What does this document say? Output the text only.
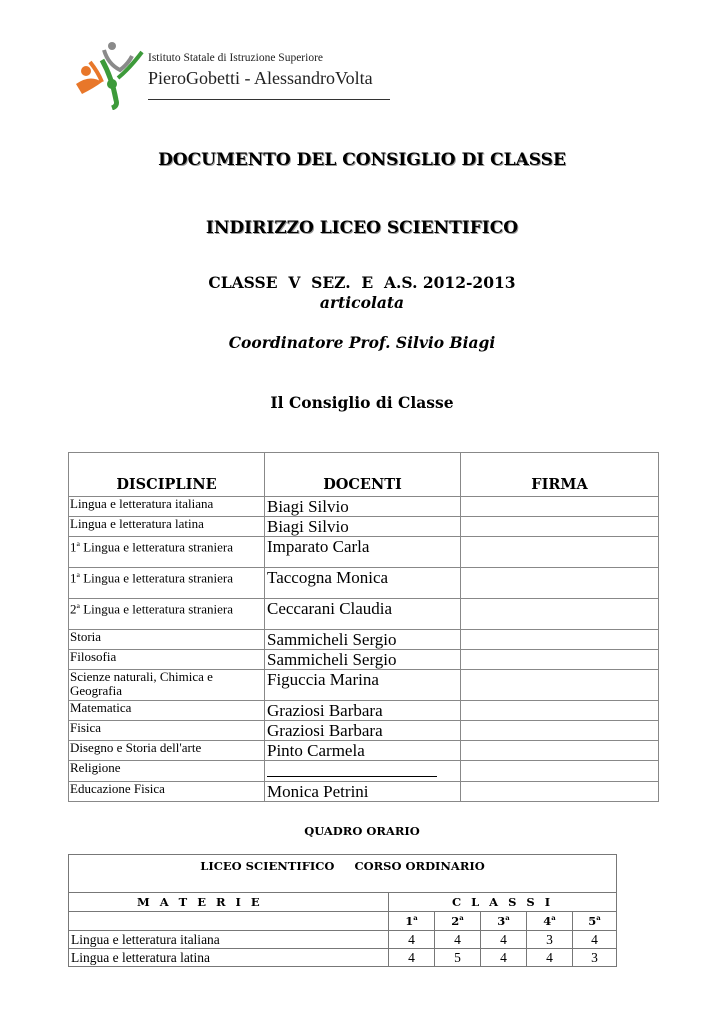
Istituto Statale di Istruzione Superiore
PieroGobetti - AlessandroVolta
DOCUMENTO DEL CONSIGLIO DI CLASSE
INDIRIZZO LICEO SCIENTIFICO
CLASSE  V  SEZ.  E  A.S. 2012-2013
articolata
Coordinatore Prof. Silvio Biagi
Il Consiglio di Classe
DISCIPLINE	DOCENTI	FIRMA
Lingua e letteratura italiana	Biagi Silvio	
Lingua e letteratura latina	Biagi Silvio	
1$^a$ Lingua e letteratura straniera	Imparato Carla	
1$^a$ Lingua e letteratura straniera	Taccogna Monica	
2$^a$ Lingua e letteratura straniera	Ceccarani Claudia	
Storia	Sammicheli Sergio	
Filosofia	Sammicheli Sergio	
Scienze naturali, Chimica e Geografia	Figuccia Marina	
Matematica	Graziosi Barbara	
Fisica	Graziosi Barbara	
Disegno e Storia dell'arte	Pinto Carmela	
Religione		
Educazione Fisica	Monica Petrini	
QUADRO ORARIO
LICEO SCIENTIFICO     CORSO ORDINARIO					
M A T E R I E	C L A S S I				
	1$^a$	2$^a$	3$^a$	4$^a$	5$^a$
Lingua e letteratura italiana	4	4	4	3	4
Lingua e letteratura latina	4	5	4	4	3
